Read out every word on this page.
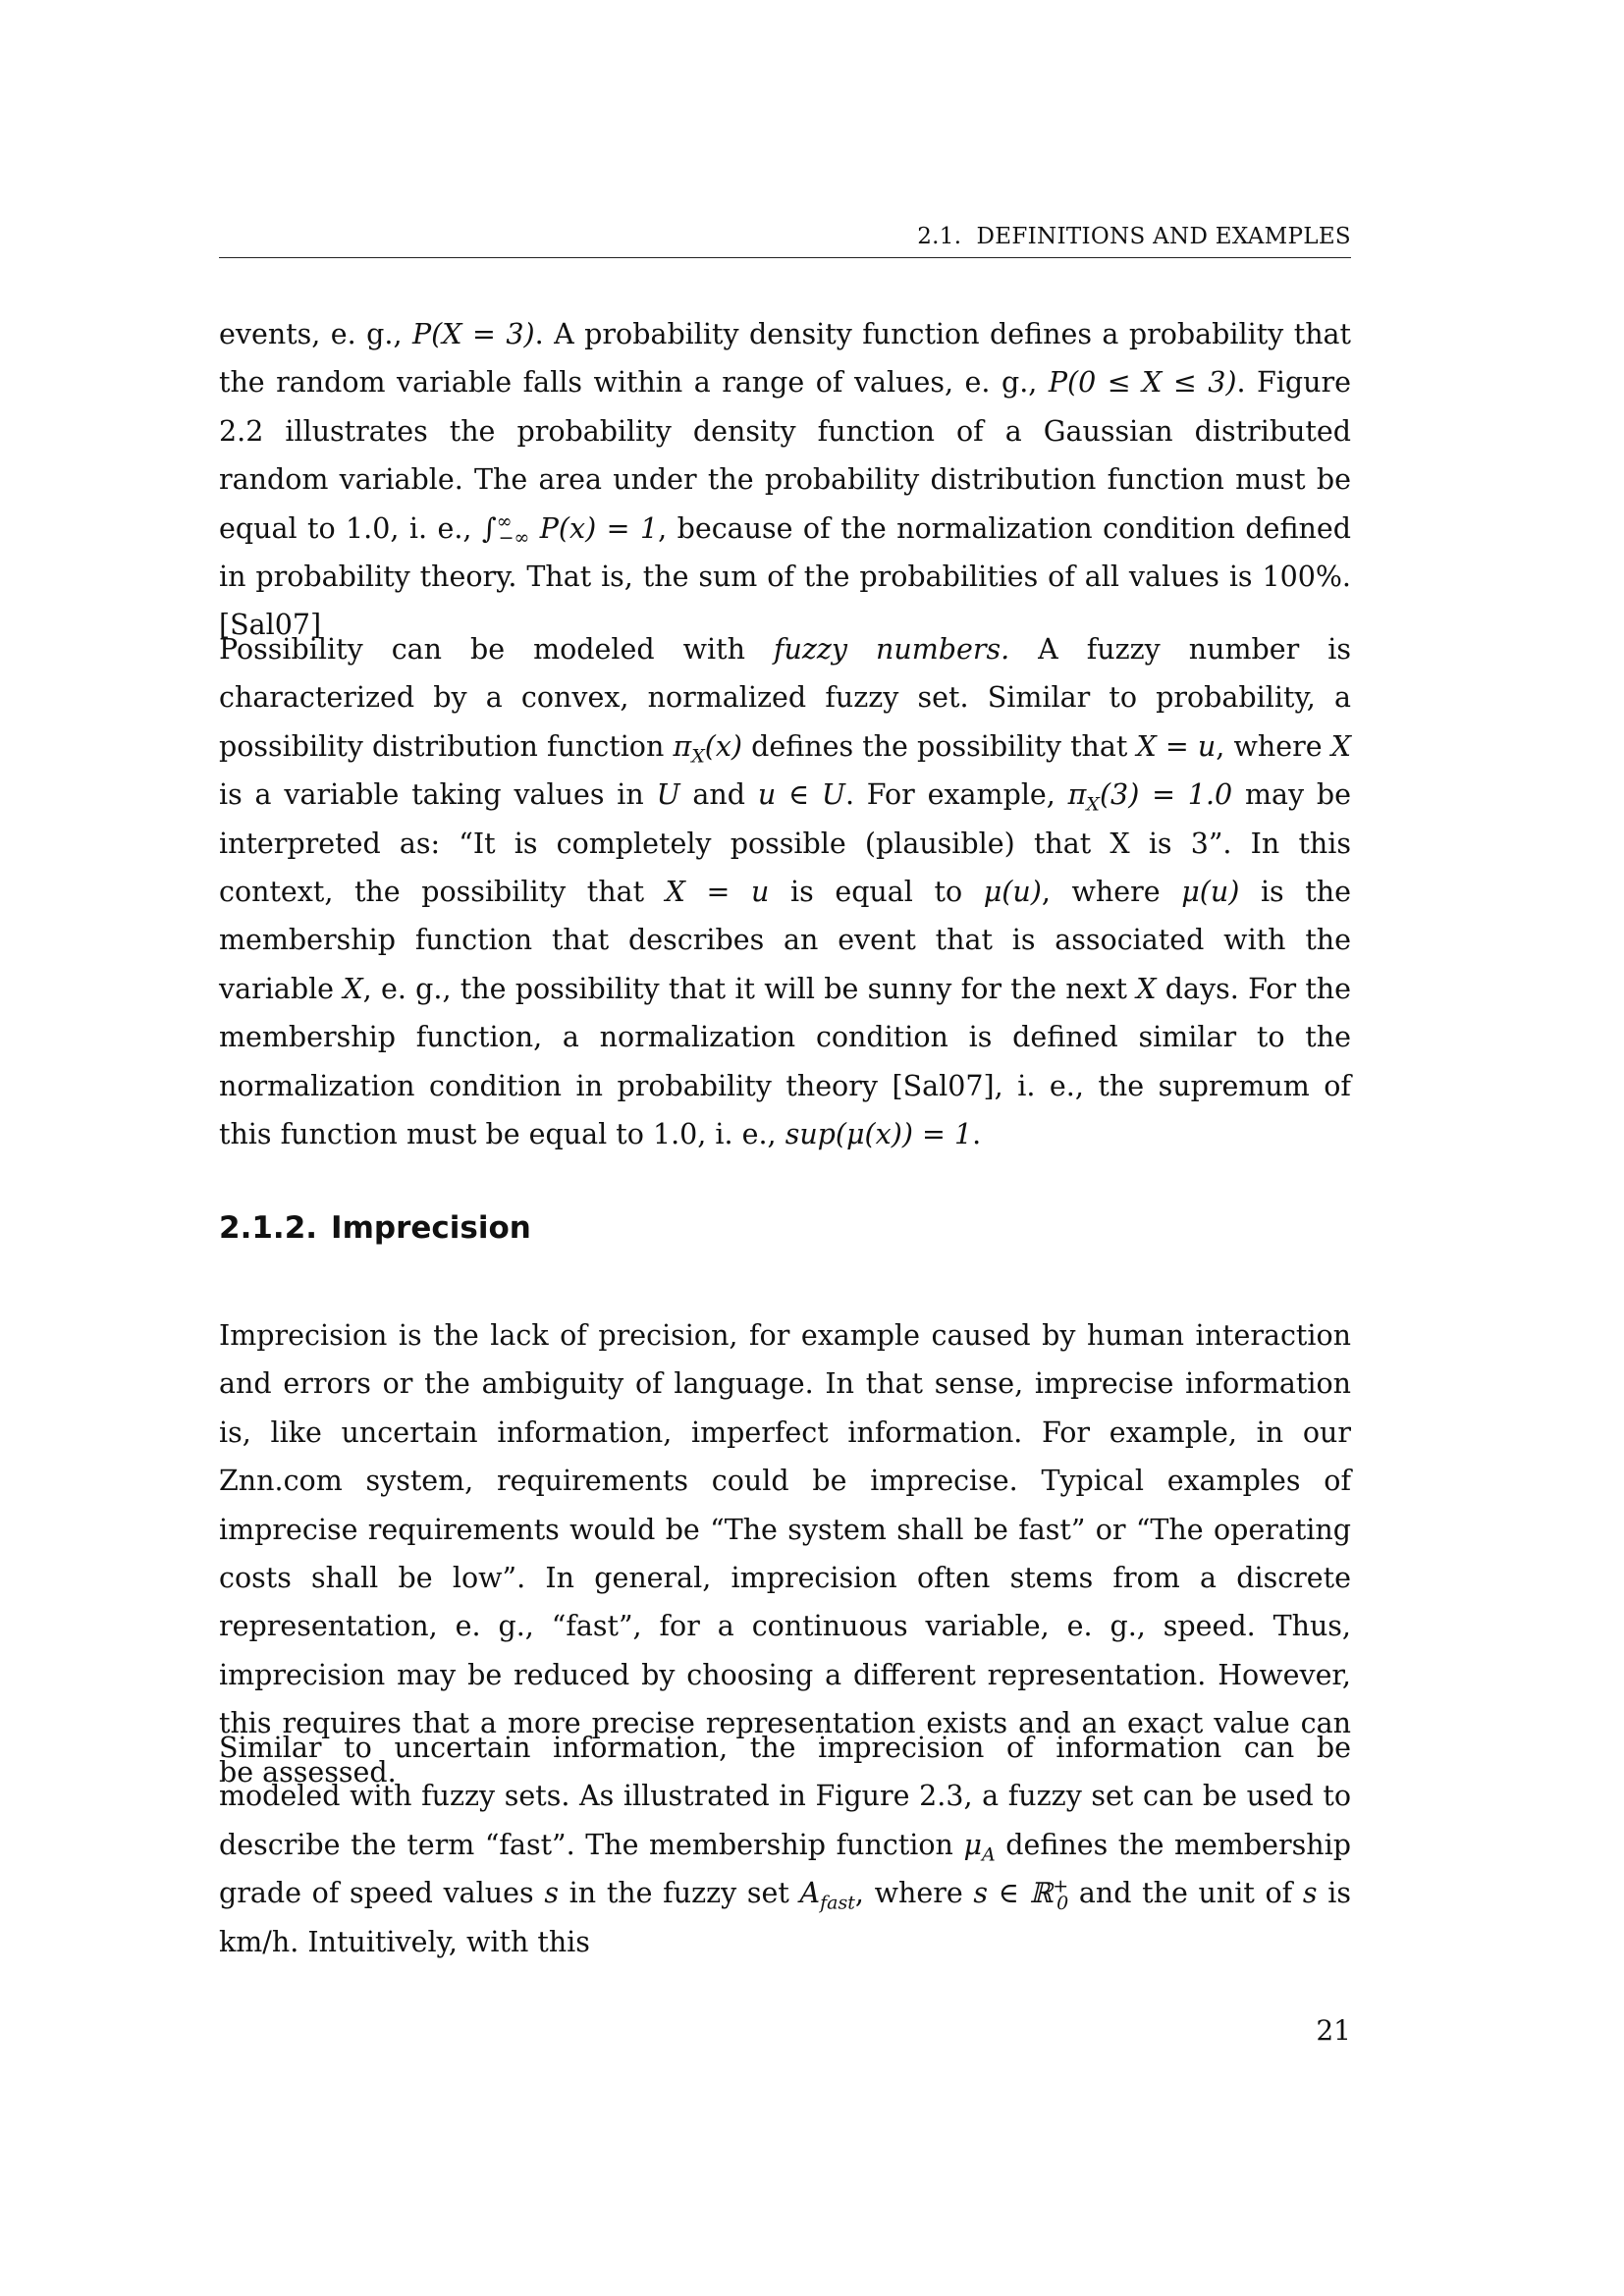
2.1. DEFINITIONS AND EXAMPLES

events, e. g., P(X = 3). A probability density function defines a probability that the random variable falls within a range of values, e. g., P(0 ≤ X ≤ 3). Figure 2.2 illustrates the probability density function of a Gaussian distributed random variable. The area under the probability distribution function must be equal to 1.0, i. e., $\int^\infty_{-\infty}$ P(x) = 1, because of the normalization condition defined in probability theory. That is, the sum of the probabilities of all values is 100%. [Sal07]

Possibility can be modeled with fuzzy numbers. A fuzzy number is characterized by a convex, normalized fuzzy set. Similar to probability, a possibility distribution function $\pi_X(x)$ defines the possibility that X = u, where X is a variable taking values in U and u ∈ U. For example, $\pi_X(3) = 1.0$ may be interpreted as: “It is completely possible (plausible) that X is 3”. In this context, the possibility that X = u is equal to μ(u), where μ(u) is the membership function that describes an event that is associated with the variable X, e. g., the possibility that it will be sunny for the next X days. For the membership function, a normalization condition is defined similar to the normalization condition in probability theory [Sal07], i. e., the supremum of this function must be equal to 1.0, i. e., sup(μ(x)) = 1.

2.1.2. Imprecision

Imprecision is the lack of precision, for example caused by human interaction and errors or the ambiguity of language. In that sense, imprecise information is, like uncertain information, imperfect information. For example, in our Znn.com system, requirements could be imprecise. Typical examples of imprecise requirements would be “The system shall be fast” or “The operating costs shall be low”. In general, imprecision often stems from a discrete representation, e. g., “fast”, for a continuous variable, e. g., speed. Thus, imprecision may be reduced by choosing a different representation. However, this requires that a more precise representation exists and an exact value can be assessed.

Similar to uncertain information, the imprecision of information can be modeled with fuzzy sets. As illustrated in Figure 2.3, a fuzzy set can be used to describe the term “fast”. The membership function $\mu_A$ defines the membership grade of speed values s in the fuzzy set $A_{fast}$, where s ∈ ℝ+$_0$ and the unit of s is km/h. Intuitively, with this

21
